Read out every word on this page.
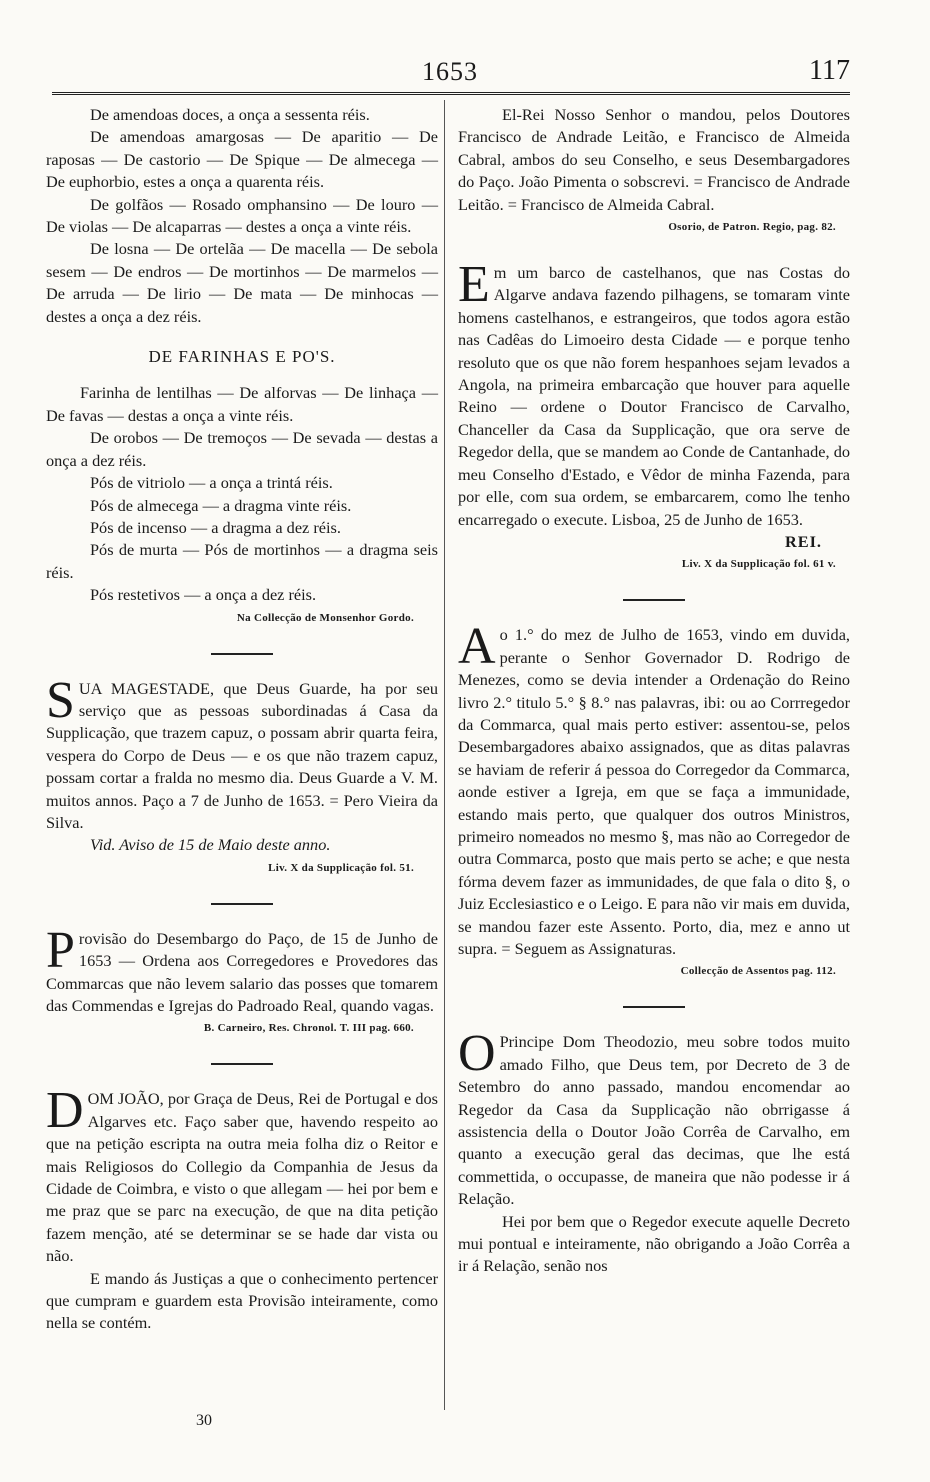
1653	117

De amendoas doces, a onça a sessenta réis.

De amendoas amargosas — De aparitio — De raposas — De castorio — De Spique — De almecega — De euphorbio, estes a onça a quarenta réis.

De golfãos — Rosado omphansino — De louro — De violas — De alcaparras — destes a onça a vinte réis.

De losna — De ortelãa — De macella — De sebola sesem — De endros — De mortinhos — De marmelos — De arruda — De lirio — De mata — De minhocas — destes a onça a dez réis.

DE FARINHAS E PO'S.

Farinha de lentilhas — De alforvas — De linhaça — De favas — destas a onça a vinte réis.

De orobos — De tremoços — De sevada — destas a onça a dez réis.

Pós de vitriolo — a onça a trintá réis.

Pós de almecega — a dragma vinte réis.

Pós de incenso — a dragma a dez réis.

Pós de murta — Pós de mortinhos — a dragma seis réis.

Pós restetivos — a onça a dez réis.

Na Collecção de Monsenhor Gordo.

SUA MAGESTADE, que Deus Guarde, ha por seu serviço que as pessoas subordinadas á Casa da Supplicação, que trazem capuz, o possam abrir quarta feira, vespera do Corpo de Deus — e os que não trazem capuz, possam cortar a fralda no mesmo dia. Deus Guarde a V. M. muitos annos. Paço a 7 de Junho de 1653. = Pero Vieira da Silva.

Vid. Aviso de 15 de Maio deste anno.

Liv. X da Supplicação fol. 51.

Provisão do Desembargo do Paço, de 15 de Junho de 1653 — Ordena aos Corregedores e Provedores das Commarcas que não levem salario das posses que tomarem das Commendas e Igrejas do Padroado Real, quando vagas.

B. Carneiro, Res. Chronol. T. III pag. 660.

DOM JOÃO, por Graça de Deus, Rei de Portugal e dos Algarves etc. Faço saber que, havendo respeito ao que na petição escripta na outra meia folha diz o Reitor e mais Religiosos do Collegio da Companhia de Jesus da Cidade de Coimbra, e visto o que allegam — hei por bem e me praz que se parc na execução, de que na dita petição fazem menção, até se determinar se se hade dar vista ou não.

E mando ás Justiças a que o conhecimento pertencer que cumpram e guardem esta Provisão inteiramente, como nella se contém.

El-Rei Nosso Senhor o mandou, pelos Doutores Francisco de Andrade Leitão, e Francisco de Almeida Cabral, ambos do seu Conselho, e seus Desembargadores do Paço. João Pimenta o sobscrevi. = Francisco de Andrade Leitão. = Francisco de Almeida Cabral.

Osorio, de Patron. Regio, pag. 82.

Em um barco de castelhanos, que nas Costas do Algarve andava fazendo pilhagens, se tomaram vinte homens castelhanos, e estrangeiros, que todos agora estão nas Cadêas do Limoeiro desta Cidade — e porque tenho resoluto que os que não forem hespanhoes sejam levados a Angola, na primeira embarcação que houver para aquelle Reino — ordene o Doutor Francisco de Carvalho, Chanceller da Casa da Supplicação, que ora serve de Regedor della, que se mandem ao Conde de Cantanhade, do meu Conselho d'Estado, e Vêdor de minha Fazenda, para por elle, com sua ordem, se embarcarem, como lhe tenho encarregado o execute. Lisboa, 25 de Junho de 1653.

REI.
Liv. X da Supplicação fol. 61 v.

Ao 1.° do mez de Julho de 1653, vindo em duvida, perante o Senhor Governador D. Rodrigo de Menezes, como se devia intender a Ordenação do Reino livro 2.° titulo 5.° § 8.° nas palavras, ibi: ou ao Corrregedor da Commarca, qual mais perto estiver: assentou-se, pelos Desembargadores abaixo assignados, que as ditas palavras se haviam de referir á pessoa do Corregedor da Commarca, aonde estiver a Igreja, em que se faça a immunidade, estando mais perto, que qualquer dos outros Ministros, primeiro nomeados no mesmo §, mas não ao Corregedor de outra Commarca, posto que mais perto se ache; e que nesta fórma devem fazer as immunidades, de que fala o dito §, o Juiz Ecclesiastico e o Leigo. E para não vir mais em duvida, se mandou fazer este Assento. Porto, dia, mez e anno ut supra. = Seguem as Assignaturas.

Collecção de Assentos pag. 112.

O Principe Dom Theodozio, meu sobre todos muito amado Filho, que Deus tem, por Decreto de 3 de Setembro do anno passado, mandou encomendar ao Regedor da Casa da Supplicação não obrrigasse á assistencia della o Doutor João Corrêa de Carvalho, em quanto a execução geral das decimas, que lhe está commettida, o occupasse, de maneira que não podesse ir á Relação.

Hei por bem que o Regedor execute aquelle Decreto mui pontual e inteiramente, não obrigando a João Corrêa a ir á Relação, senão nos

30
